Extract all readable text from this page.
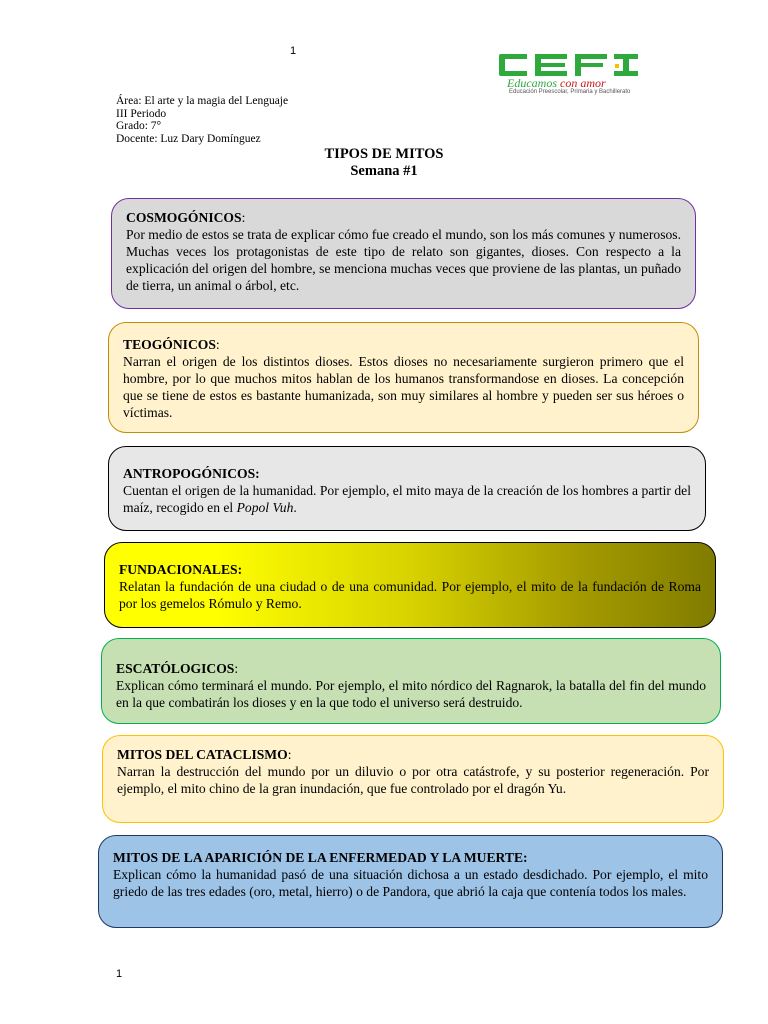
1
Educamos con amor
Educación Preescolar, Primaria y Bachillerato
Área: El arte y la magia del Lenguaje
III Periodo
Grado: 7°
Docente: Luz Dary Domínguez
TIPOS DE MITOS
Semana #1
COSMOGÓNICOS:
Por medio de estos se trata de explicar cómo fue creado el mundo, son los más comunes y numerosos. Muchas veces los protagonistas de este tipo de relato son gigantes, dioses. Con respecto a la explicación del origen del hombre, se menciona muchas veces que proviene de las plantas, un puñado de tierra, un animal o árbol, etc.
TEOGÓNICOS:
Narran el origen de los distintos dioses. Estos dioses no necesariamente surgieron primero que el hombre, por lo que muchos mitos hablan de los humanos transformandose en dioses. La concepción que se tiene de estos es bastante humanizada, son muy similares al hombre y pueden ser sus héroes o víctimas.
ANTROPOGÓNICOS:
Cuentan el origen de la humanidad. Por ejemplo, el mito maya de la creación de los hombres a partir del maíz, recogido en el Popol Vuh.
FUNDACIONALES:
Relatan la fundación de una ciudad o de una comunidad. Por ejemplo, el mito de la fundación de Roma por los gemelos Rómulo y Remo.
ESCATÓLOGICOS:
Explican cómo terminará el mundo. Por ejemplo, el mito nórdico del Ragnarok, la batalla del fin del mundo en la que combatirán los dioses y en la que todo el universo será destruido.
MITOS DEL CATACLISMO:
Narran la destrucción del mundo por un diluvio o por otra catástrofe, y su posterior regeneración. Por ejemplo, el mito chino de la gran inundación, que fue controlado por el dragón Yu.
MITOS DE LA APARICIÓN DE LA ENFERMEDAD Y LA MUERTE:
Explican cómo la humanidad pasó de una situación dichosa a un estado desdichado. Por ejemplo, el mito griedo de las tres edades (oro, metal, hierro) o de Pandora, que abrió la caja que contenía todos los males.
1
